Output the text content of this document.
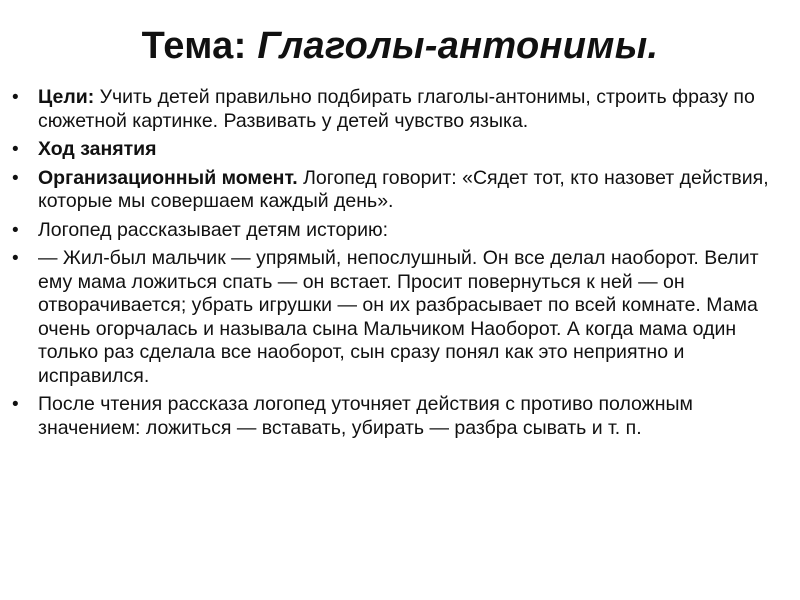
Тема: Глаголы-антонимы.
• Цели: Учить детей правильно подбирать глаголы-антонимы, строить фразу по сюжетной картинке. Развивать у детей чувство языка.
• Ход занятия
• Организационный момент. Логопед говорит: «Сядет тот, кто назовет действия, которые мы совершаем каждый день».
• Логопед рассказывает детям историю:
• — Жил-был мальчик — упрямый, непослушный. Он все делал наоборот. Велит ему мама ложиться спать — он встает. Просит повернуться к ней — он отворачивается; убрать игрушки — он их разбрасывает по всей комнате. Мама очень огорчалась и называла сына Мальчиком Наоборот. А когда мама один только раз сделала все наоборот, сын сразу понял как это неприятно и исправился.
• После чтения рассказа логопед уточняет действия с противо положным значением: ложиться — вставать, убирать — разбра сывать и т. п.
